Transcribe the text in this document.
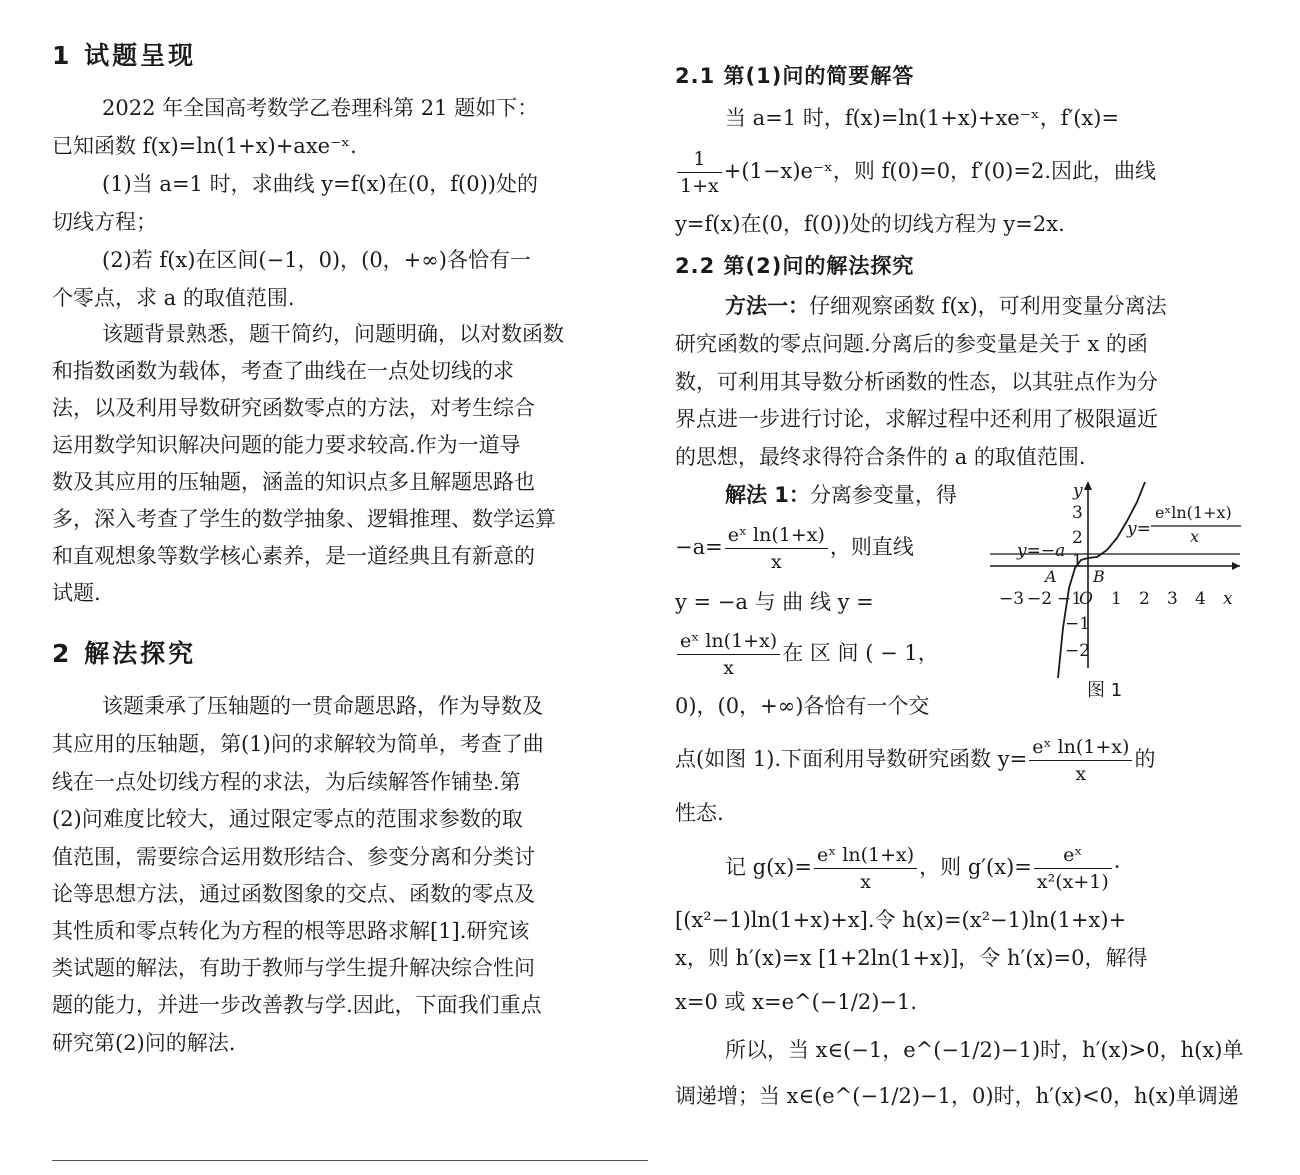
1 试题呈现
2022 年全国高考数学乙卷理科第 21 题如下：
已知函数 f(x)=ln(1+x)+axe⁻ˣ.
(1)当 a=1 时，求曲线 y=f(x)在(0，f(0))处的
切线方程；
(2)若 f(x)在区间(−1，0)，(0，+∞)各恰有一
个零点，求 a 的取值范围.
该题背景熟悉，题干简约，问题明确，以对数函数
和指数函数为载体，考查了曲线在一点处切线的求
法，以及利用导数研究函数零点的方法，对考生综合
运用数学知识解决问题的能力要求较高.作为一道导
数及其应用的压轴题，涵盖的知识点多且解题思路也
多，深入考查了学生的数学抽象、逻辑推理、数学运算
和直观想象等数学核心素养，是一道经典且有新意的
试题.
2 解法探究
该题秉承了压轴题的一贯命题思路，作为导数及
其应用的压轴题，第(1)问的求解较为简单，考查了曲
线在一点处切线方程的求法，为后续解答作铺垫.第
(2)问难度比较大，通过限定零点的范围求参数的取
值范围，需要综合运用数形结合、参变分离和分类讨
论等思想方法，通过函数图象的交点、函数的零点及
其性质和零点转化为方程的根等思路求解[1].研究该
类试题的解法，有助于教师与学生提升解决综合性问
题的能力，并进一步改善教与学.因此，下面我们重点
研究第(2)问的解法.
2.1 第(1)问的简要解答
当 a=1 时，f(x)=ln(1+x)+xe⁻ˣ，f′(x)=
$\frac{1}{1+x}$ +(1−x)e⁻ˣ，则 f(0)=0，f′(0)=2.因此，曲线
y=f(x)在(0，f(0))处的切线方程为 y=2x.
2.2 第(2)问的解法探究
方法一：仔细观察函数 f(x)，可利用变量分离法
研究函数的零点问题.分离后的参变量是关于 x 的函
数，可利用其导数分析函数的性态，以其驻点作为分
界点进一步进行讨论，求解过程中还利用了极限逼近
的思想，最终求得符合条件的 a 的取值范围.
解法 1：分离参变量，得
$-a= \frac{\text{eˣ ln(1+x)}}{x}$ ，则直线
y = −a 与 曲 线 y =
$\frac{\text{eˣ ln(1+x)}}{x}$ 在 区 间 ( − 1，
0)，(0，+∞)各恰有一个交
点(如图 1).下面利用导数研究函数 $y= \frac{\text{eˣ ln(1+x)}}{x}$ 的
性态.
记 $g(x)= \frac{\text{eˣ ln(1+x)}}{x}$ ，则 $g'(x)= \frac{\text{eˣ}}{\text{x²(x+1)}}$ ·
[(x²−1)ln(1+x)+x].令 h(x)=(x²−1)ln(1+x)+
x，则 h′(x)=x [1+2ln(1+x)]，令 h′(x)=0，解得
x=0 或 x=e^(−1/2)−1.
所以，当 x∈(−1，e^(−1/2)−1)时，h′(x)>0，h(x)单
调递增；当 x∈(e^(−1/2)−1，0)时，h′(x)<0，h(x)单调递
−3 −2 −1
O 1 2 3 4 x
y
3
2
1
−1
−2
y=−a
A B
y=
eˣln(1+x)
x
图 1
